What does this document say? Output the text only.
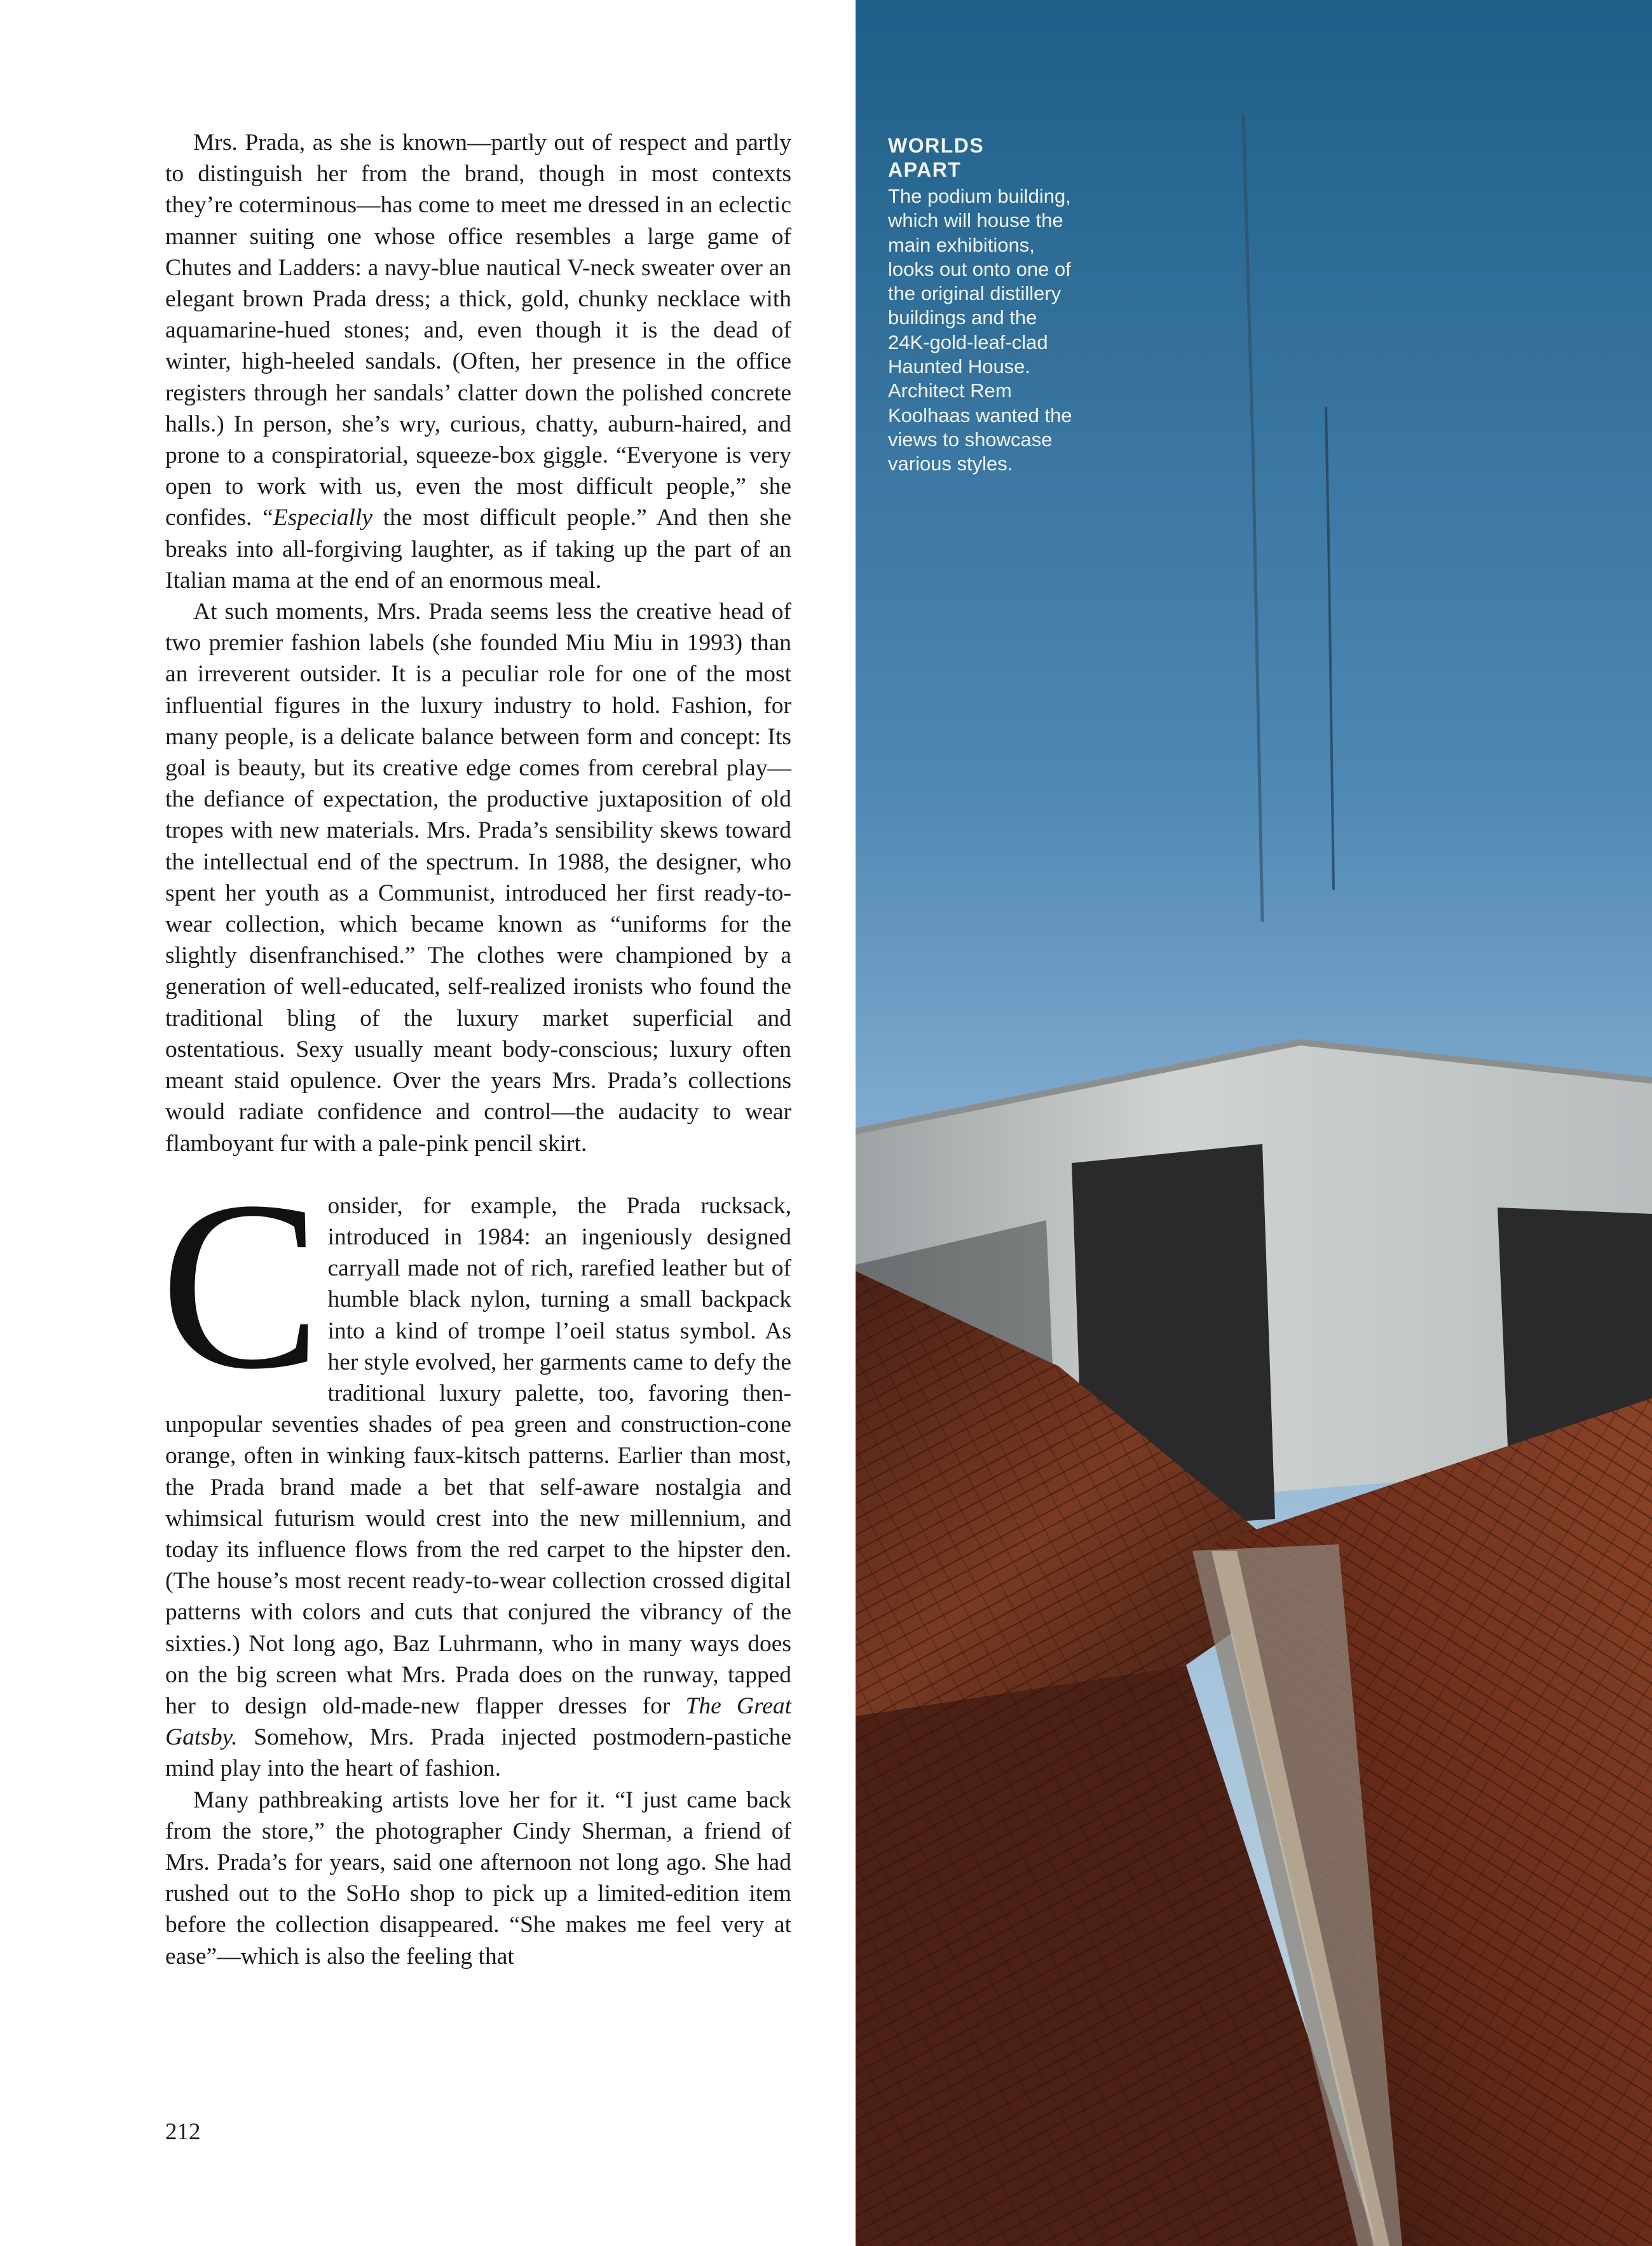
Mrs. Prada, as she is known—partly out of respect and partly to distinguish her from the brand, though in most contexts they’re coterminous—has come to meet me dressed in an eclectic manner suiting one whose office resembles a large game of Chutes and Ladders: a navy-blue nautical V-neck sweater over an elegant brown Prada dress; a thick, gold, chunky necklace with aquamarine-hued stones; and, even though it is the dead of winter, high-heeled sandals. (Often, her presence in the office registers through her sandals’ clatter down the polished concrete halls.) In person, she’s wry, curious, chatty, auburn-haired, and prone to a conspiratorial, squeeze-box giggle. “Everyone is very open to work with us, even the most difficult people,” she confides. “Especially the most difficult people.” And then she breaks into all-forgiving laughter, as if taking up the part of an Italian mama at the end of an enormous meal.

At such moments, Mrs. Prada seems less the creative head of two premier fashion labels (she founded Miu Miu in 1993) than an irreverent outsider. It is a peculiar role for one of the most influential figures in the luxury industry to hold. Fashion, for many people, is a delicate balance between form and concept: Its goal is beauty, but its creative edge comes from cerebral play—the defiance of expectation, the productive juxtaposition of old tropes with new materials. Mrs. Prada’s sensibility skews toward the intellectual end of the spectrum. In 1988, the designer, who spent her youth as a Communist, introduced her first ready-to-wear collection, which became known as “uniforms for the slightly disenfranchised.” The clothes were championed by a generation of well-educated, self-realized ironists who found the traditional bling of the luxury market superficial and ostentatious. Sexy usually meant body-conscious; luxury often meant staid opulence. Over the years Mrs. Prada’s collections would radiate confidence and control—the audacity to wear flamboyant fur with a pale-pink pencil skirt.

Consider, for example, the Prada rucksack, introduced in 1984: an ingeniously designed carryall made not of rich, rarefied leather but of humble black nylon, turning a small backpack into a kind of trompe l’oeil status symbol. As her style evolved, her garments came to defy the traditional luxury palette, too, favoring then-unpopular seventies shades of pea green and construction-cone orange, often in winking faux-kitsch patterns. Earlier than most, the Prada brand made a bet that self-aware nostalgia and whimsical futurism would crest into the new millennium, and today its influence flows from the red carpet to the hipster den. (The house’s most recent ready-to-wear collection crossed digital patterns with colors and cuts that conjured the vibrancy of the sixties.) Not long ago, Baz Luhrmann, who in many ways does on the big screen what Mrs. Prada does on the runway, tapped her to design old-made-new flapper dresses for The Great Gatsby. Somehow, Mrs. Prada injected postmodern-pastiche mind play into the heart of fashion.

Many pathbreaking artists love her for it. “I just came back from the store,” the photographer Cindy Sherman, a friend of Mrs. Prada’s for years, said one afternoon not long ago. She had rushed out to the SoHo shop to pick up a limited-edition item before the collection disappeared. “She makes me feel very at ease”—which is also the feeling that

212
WORLDS APART
The podium building, which will house the main exhibitions, looks out onto one of the original distillery buildings and the 24K-gold-leaf-clad Haunted House. Architect Rem Koolhaas wanted the views to showcase various styles.
